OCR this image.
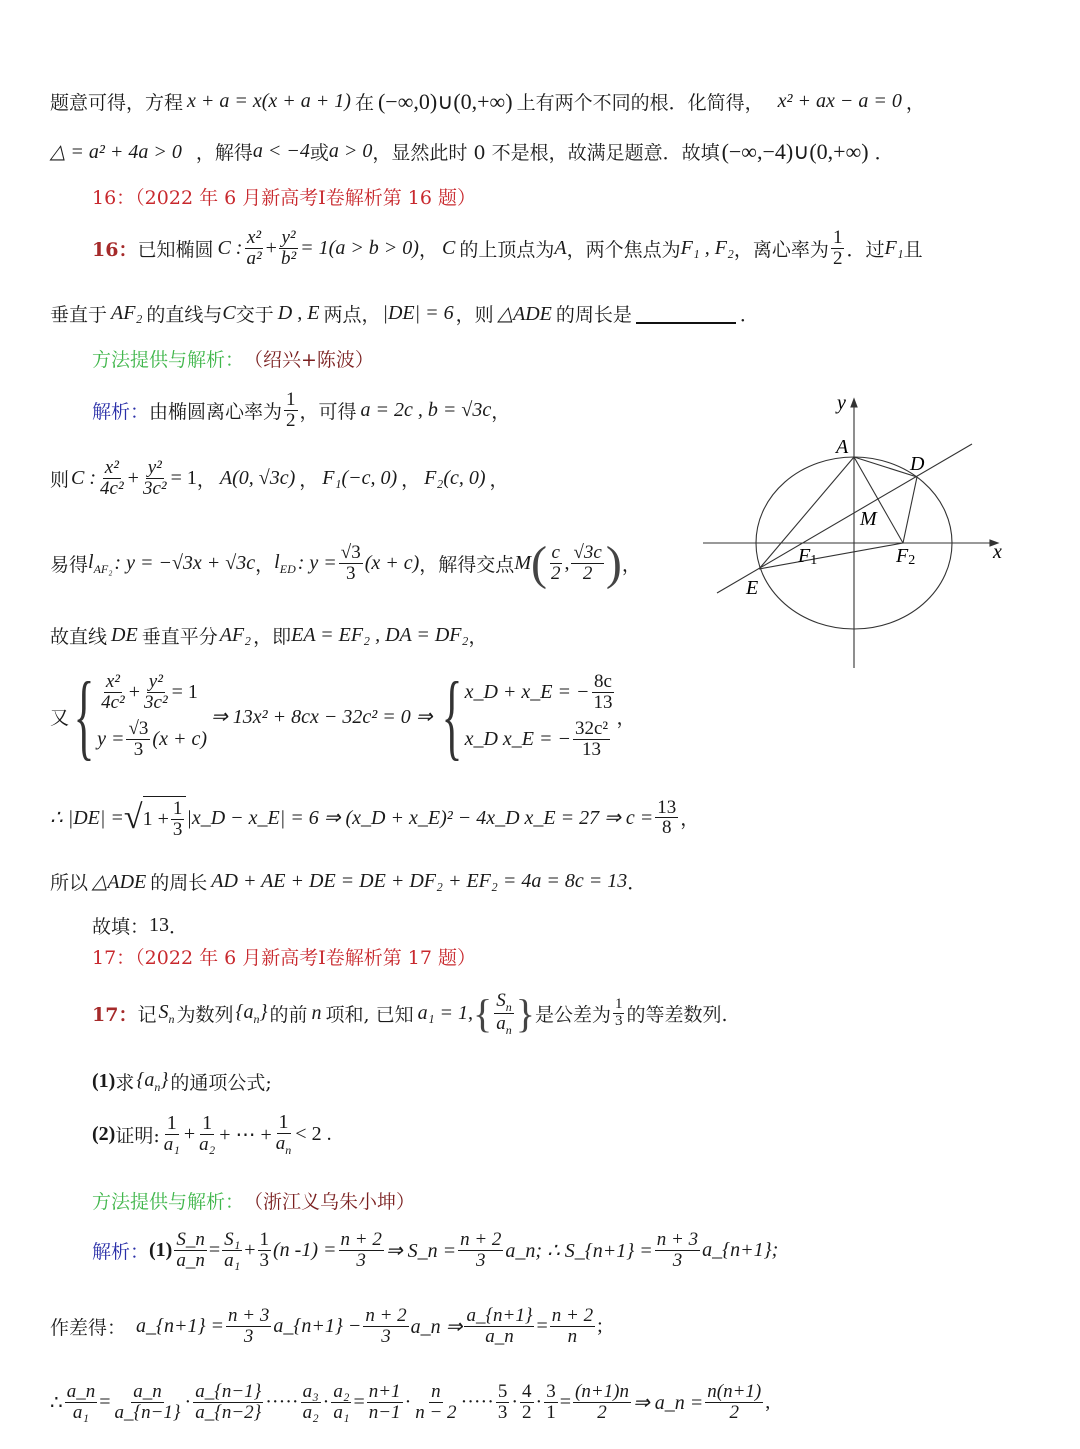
题意可得，方程 x + a = x(x + a + 1) 在 (−∞,0)∪(0,+∞) 上有两个不同的根．化简得， x² + ax − a = 0 ，
△ = a² + 4a > 0 ，解得 a < −4 或 a > 0 ，显然此时 0 不是根，故满足题意．故填 (−∞,−4)∪(0,+∞) ．
16：（2022 年 6 月新高考Ⅰ卷解析第 16 题）
16： 已知椭圆 C : $\frac{\text{x²}}{\text{a²}} + \frac{\text{y²}}{\text{b²}} = 1(a > b > 0)$ ， C 的上顶点为 A ，两个焦点为 F₁ , F₂ ，离心率为 $\frac{1}{2}$ ．过 F₁ 且
垂直于 AF₂ 的直线与 C 交于 D , E 两点， |DE| = 6 ，则 △ADE 的周长是	．
方法提供与解析： （绍兴+陈波）
解析： 由椭圆离心率为 $\frac{1}{2}$ ，可得 a = 2c , b = √3c ，
则 C : $\frac{\text{x²}}{\text{4c²}} + \frac{\text{y²}}{\text{3c²}} = 1$ ， A(0, √3c) ， F₁(−c, 0) ， F₂(c, 0) ，
易得 $l_{AF_2}$ : y = −√3x + √3c ， $l_{ED}$ : $y = \frac{√3}{3} (x + c)$ ，解得交点 M ( $\frac{c}{2}$ , $\frac{√3c}{2}$ ) ，
故直线 DE 垂直平分 AF₂ ，即 EA = EF₂ , DA = DF₂ ，
又 { $\frac{\text{x²}}{\text{4c²}} + \frac{\text{y²}}{\text{3c²}} = 1$
$y = \frac{√3}{3} (x + c)$
⇒ 13x² + 8cx − 32c² = 0 ⇒ { x_D + x_E = − $\frac{8c}{13}$
x_D x_E = − $\frac{\text{32c²}}{13}$
，
∴ |DE| = √ $1 + \frac{1}{3}$ |x_D − x_E| = 6 ⇒ (x_D + x_E)² − 4x_D x_E = 27 ⇒ $c = \frac{13}{8}$ ，
所以 △ADE 的周长 AD + AE + DE = DE + DF₂ + EF₂ = 4a = 8c = 13 ．
故填： 13 ．
y
x
A
D
M
E
F1	F2
17：（2022 年 6 月新高考Ⅰ卷解析第 17 题）
17： 记 $S_n$ 为数列 $\{a_n\}$ 的前 n 项和, 已知 a₁ = 1, { $\frac{S_n}{a_n}$ } 是公差为 $\frac{1}{3}$ 的等差数列.
(1) 求 $\{a_n\}$ 的通项公式;
(2) 证明: $\frac{1}{\text{a₁}} + \frac{1}{\text{a₂}}$ + ⋯ + $\frac{1}{a_n} < 2$ .
方法提供与解析： （浙江义乌朱小坤）
解析： $(1) \frac{S\_n}{a\_n} = \frac{\text{S₁}}{\text{a₁}} + \frac{1}{3} (n$ $-1) = \frac{n + 2}{3}$ ⇒ S_n = $\frac{n + 2}{3}$ a_n; ∴ S_{n+1} = $\frac{n + 3}{3}$ a_{n+1};
作差得： a_{n+1} = $\frac{n + 3}{3}$ a_{n+1} − $\frac{n + 2}{3}$ a_n ⇒ $\frac{a\_\{n+1\}}{a\_n} = \frac{n + 2}{n}$ ;
∴ $\frac{a\_n}{\text{a₁}} = \frac{a\_n}{a\_\{n-1\}} \cdot \frac{a\_\{n-1\}}{a\_\{n-2\}}$ ····· $\frac{\text{a₃}}{\text{a₂}} \cdot \frac{\text{a₂}}{\text{a₁}} = \frac{n+1}{n-1} \cdot \frac{n}{n - 2}$ ····· $\frac{5}{3} \cdot \frac{4}{2} \cdot \frac{3}{1} = \frac{(n+1)n}{2}$ ⇒ a_n = $\frac{n(n+1)}{2}$ ,
